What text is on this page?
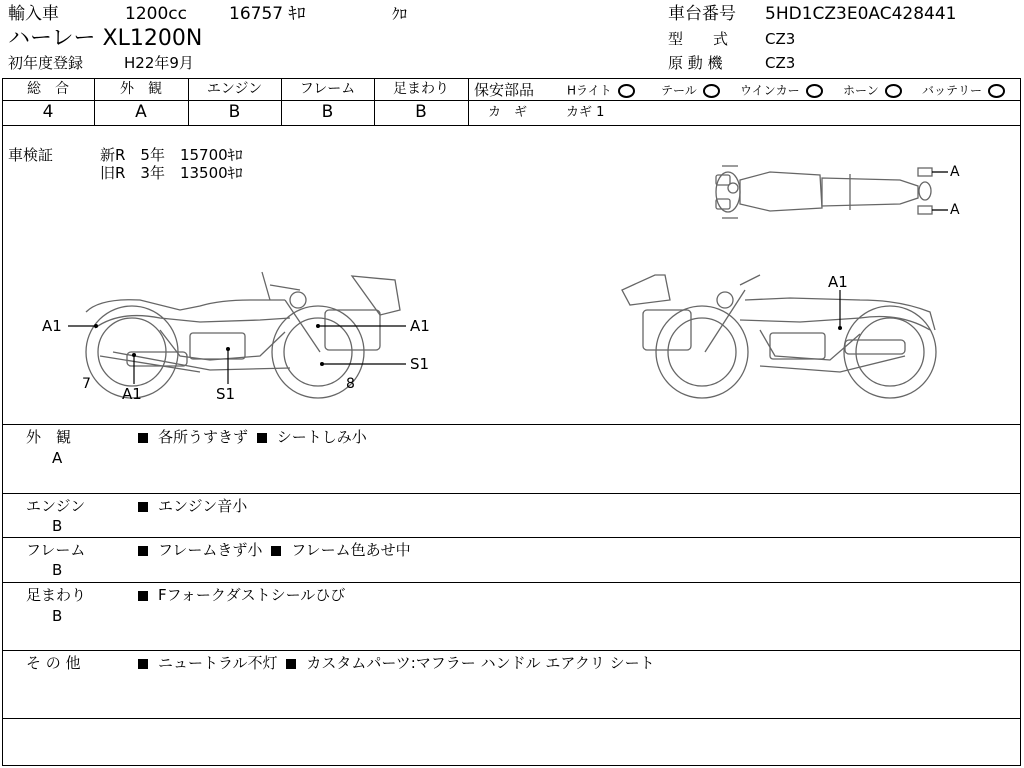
輸入車	1200cc 16757 ｷﾛ	ｸﾛ
ハーレー XL1200N
初年度登録	H22年9月
車台番号 5HD1CZ3E0AC428441
型　　式 CZ3
原 動 機	CZ3
総　合
4
外　観
A
エンジン
B
フレーム
B
足まわり
B
保安部品	Hライト	テール	ウインカー	ホーン	バッテリー
カ　ギ	カギ 1
車検証	新R　5年　15700ｷﾛ
旧R　3年　13500ｷﾛ
A1
A1
A1
S1
S1
7	8
A1
A
A
外　観
A
各所うすきず シートしみ小
エンジン
B
エンジン音小
フレーム
B
フレームきず小 フレーム色あせ中
足まわり
B
Fフォークダストシールひび
そ の 他	ニュートラル不灯 カスタムパーツ:マフラー ハンドル エアクリ シート
